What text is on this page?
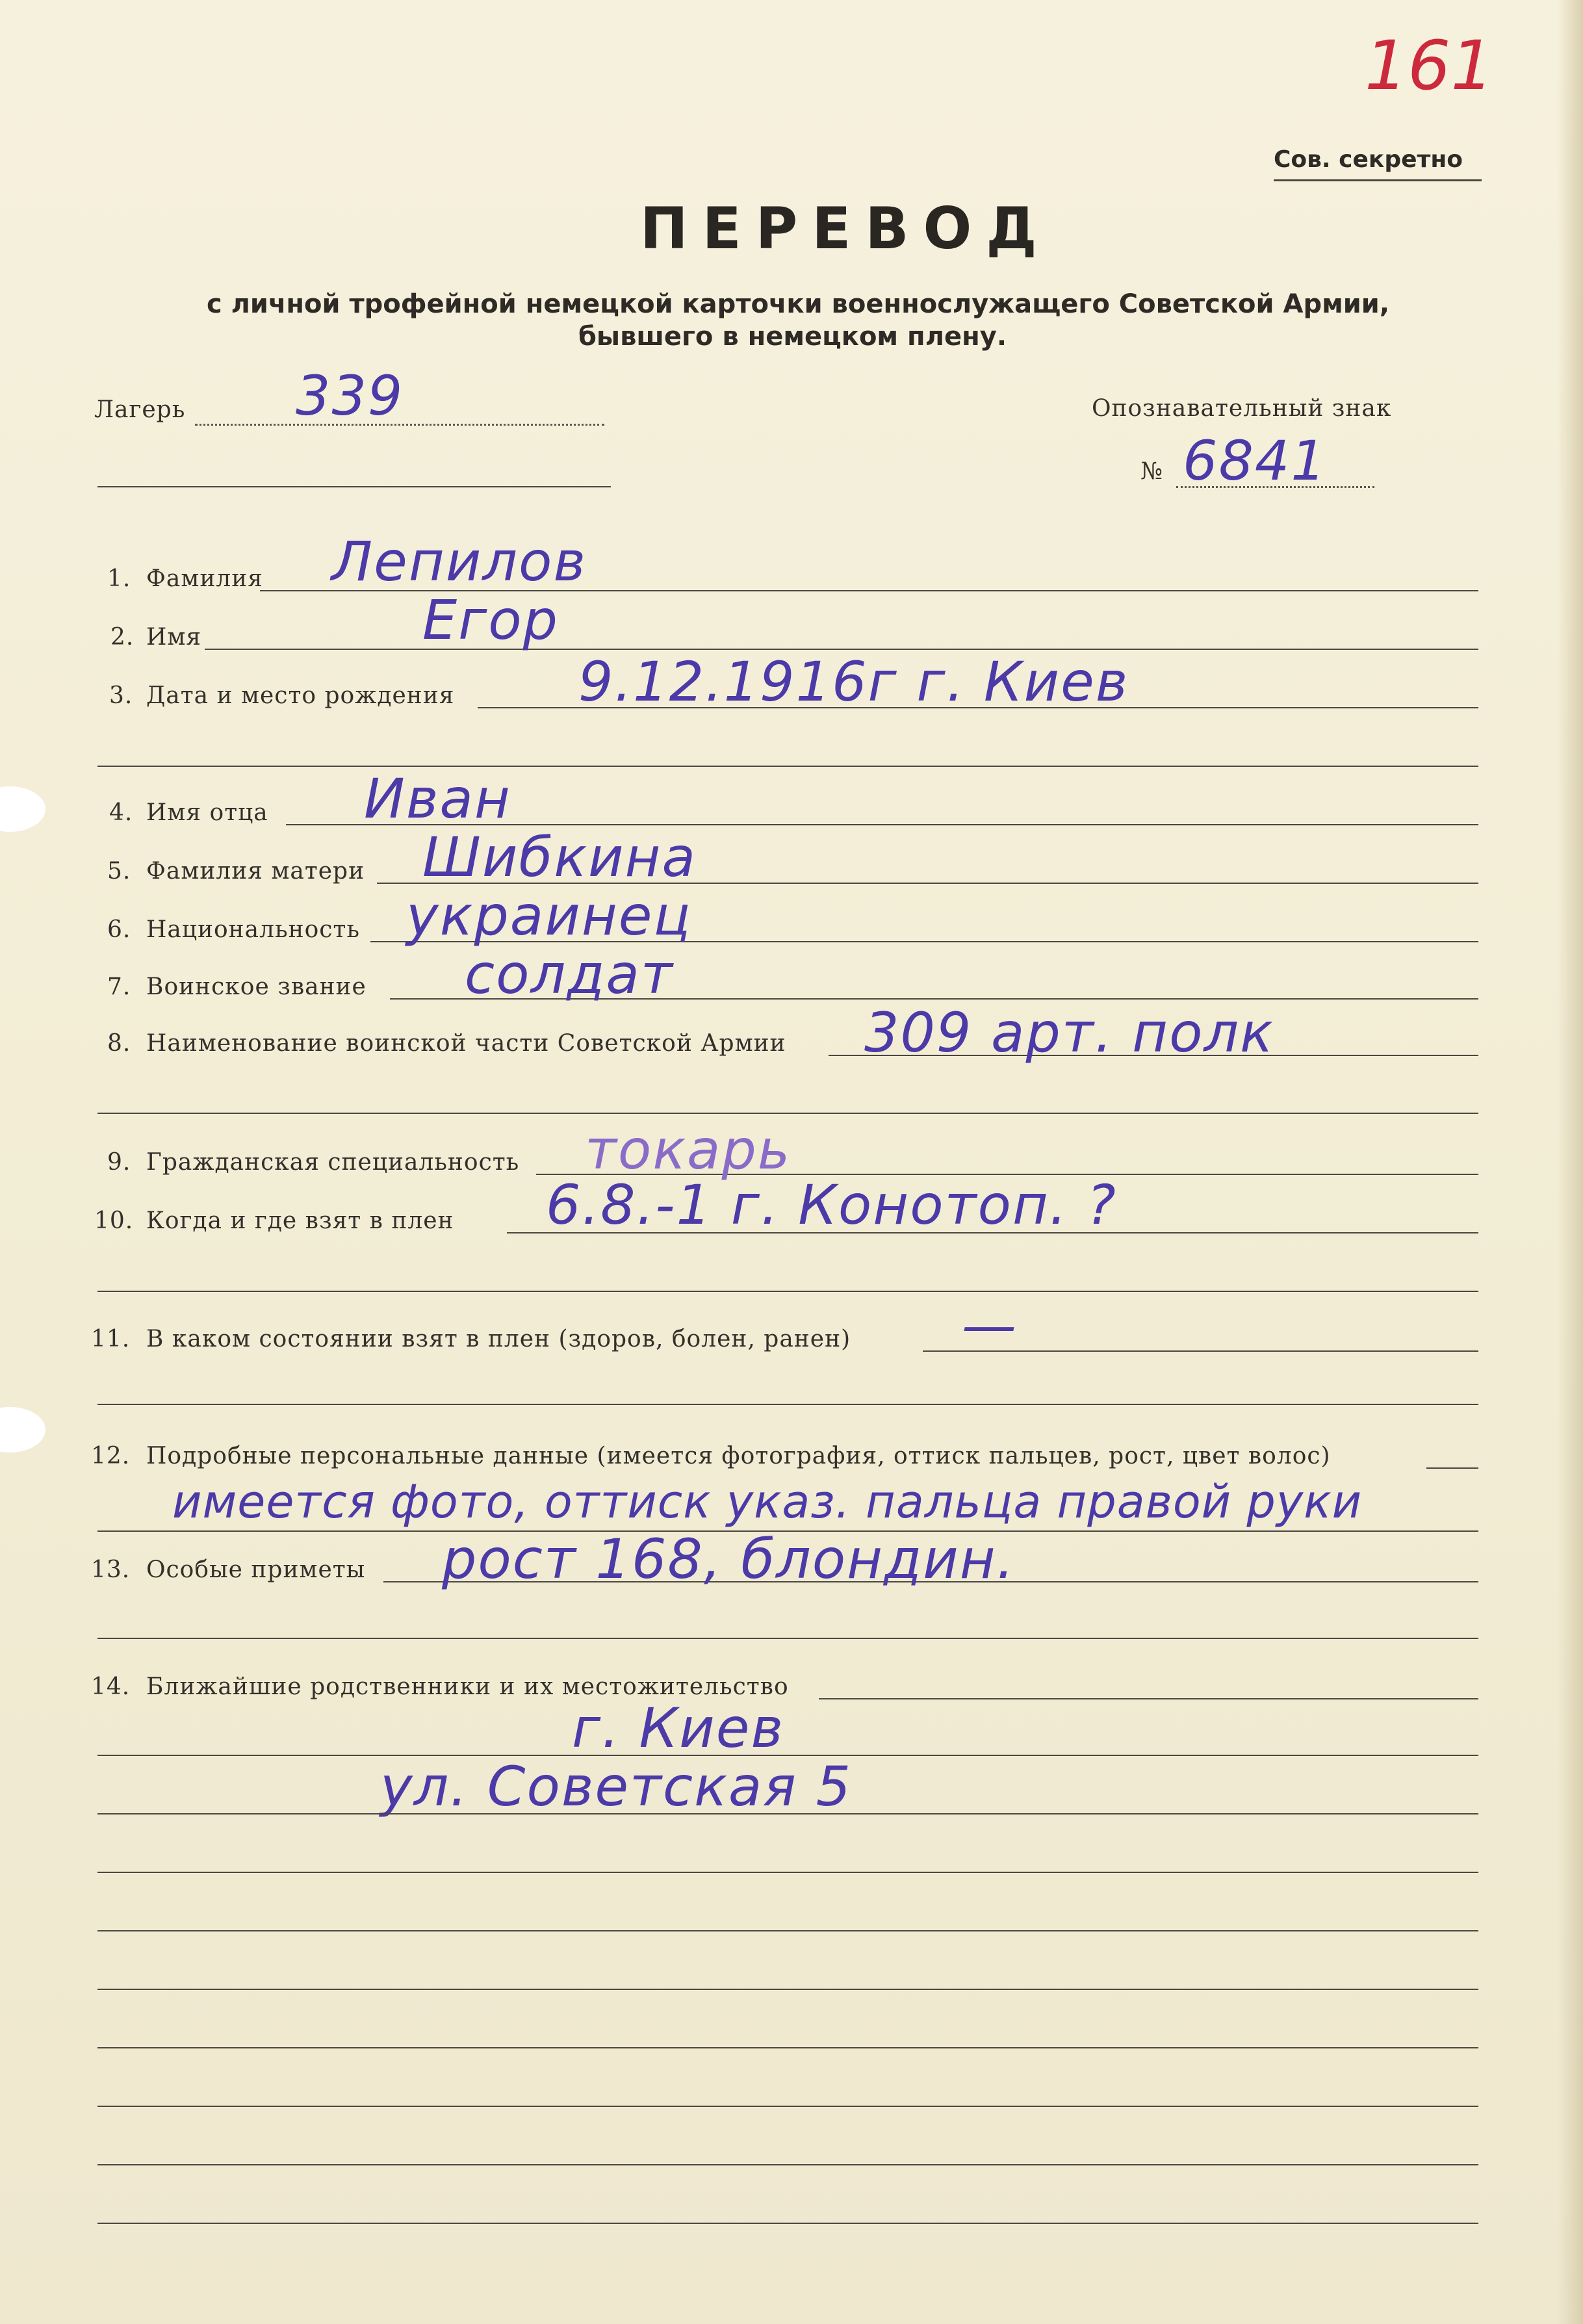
161
Сов. секретно
ПЕРЕВОД
с личной трофейной немецкой карточки военнослужащего Советской Армии,
бывшего в немецком плену.
Лагерь 339	Опознавательный знак
№ 6841
1. Фамилия Лепилов
2. Имя	Егор
3. Дата и место рождения 9.12.1916г г. Киев
4. Имя отца Иван
5. Фамилия матери Шибкина
6. Национальность украинец
7. Воинское звание солдат
8. Наименование воинской части Советской Армии 309 арт. полк
9. Гражданская специальность токарь
10. Когда и где взят в плен 6.8.-1 г. Конотоп. ?
11. В каком состоянии взят в плен (здоров, болен, ранен) —
12. Подробные персональные данные (имеется фотография, оттиск пальцев, рост, цвет волос)
имеется фото, оттиск указ. пальца правой руки
13. Особые приметы рост 168, блондин.
14. Ближайшие родственники и их местожительство
г. Киев
ул. Советская 5
